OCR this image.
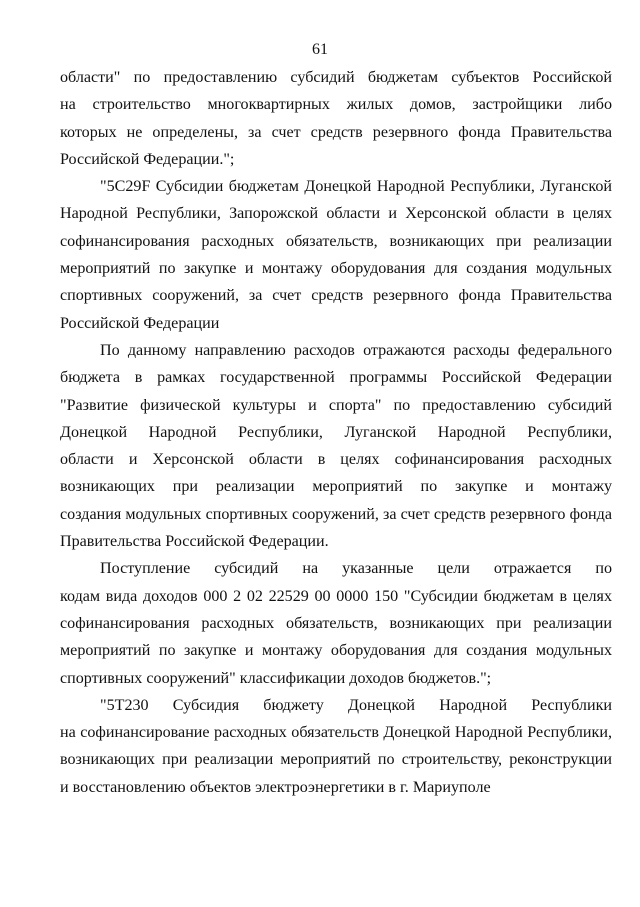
61
области" по предоставлению субсидий бюджетам субъектов Российской
на строительство многоквартирных жилых домов, застройщики либо
которых не определены, за счет средств резервного фонда Правительства
Российской Федерации.";
"5C29F Субсидии бюджетам Донецкой Народной Республики, Луганской
Народной Республики, Запорожской области и Херсонской области в целях
софинансирования расходных обязательств, возникающих при реализации
мероприятий по закупке и монтажу оборудования для создания модульных
спортивных сооружений, за счет средств резервного фонда Правительства
Российской Федерации
По данному направлению расходов отражаются расходы федерального
бюджета в рамках государственной программы Российской Федерации
"Развитие физической культуры и спорта" по предоставлению субсидий
Донецкой Народной Республики, Луганской Народной Республики,
области и Херсонской области в целях софинансирования расходных
возникающих при реализации мероприятий по закупке и монтажу
создания модульных спортивных сооружений, за счет средств резервного фонда
Правительства Российской Федерации.
Поступление субсидий на указанные цели отражается по
кодам вида доходов 000 2 02 22529 00 0000 150 "Субсидии бюджетам в целях
софинансирования расходных обязательств, возникающих при реализации
мероприятий по закупке и монтажу оборудования для создания модульных
спортивных сооружений" классификации доходов бюджетов.";
"5T230 Субсидия бюджету Донецкой Народной Республики
на софинансирование расходных обязательств Донецкой Народной Республики,
возникающих при реализации мероприятий по строительству, реконструкции
и восстановлению объектов электроэнергетики в г. Мариуполе
